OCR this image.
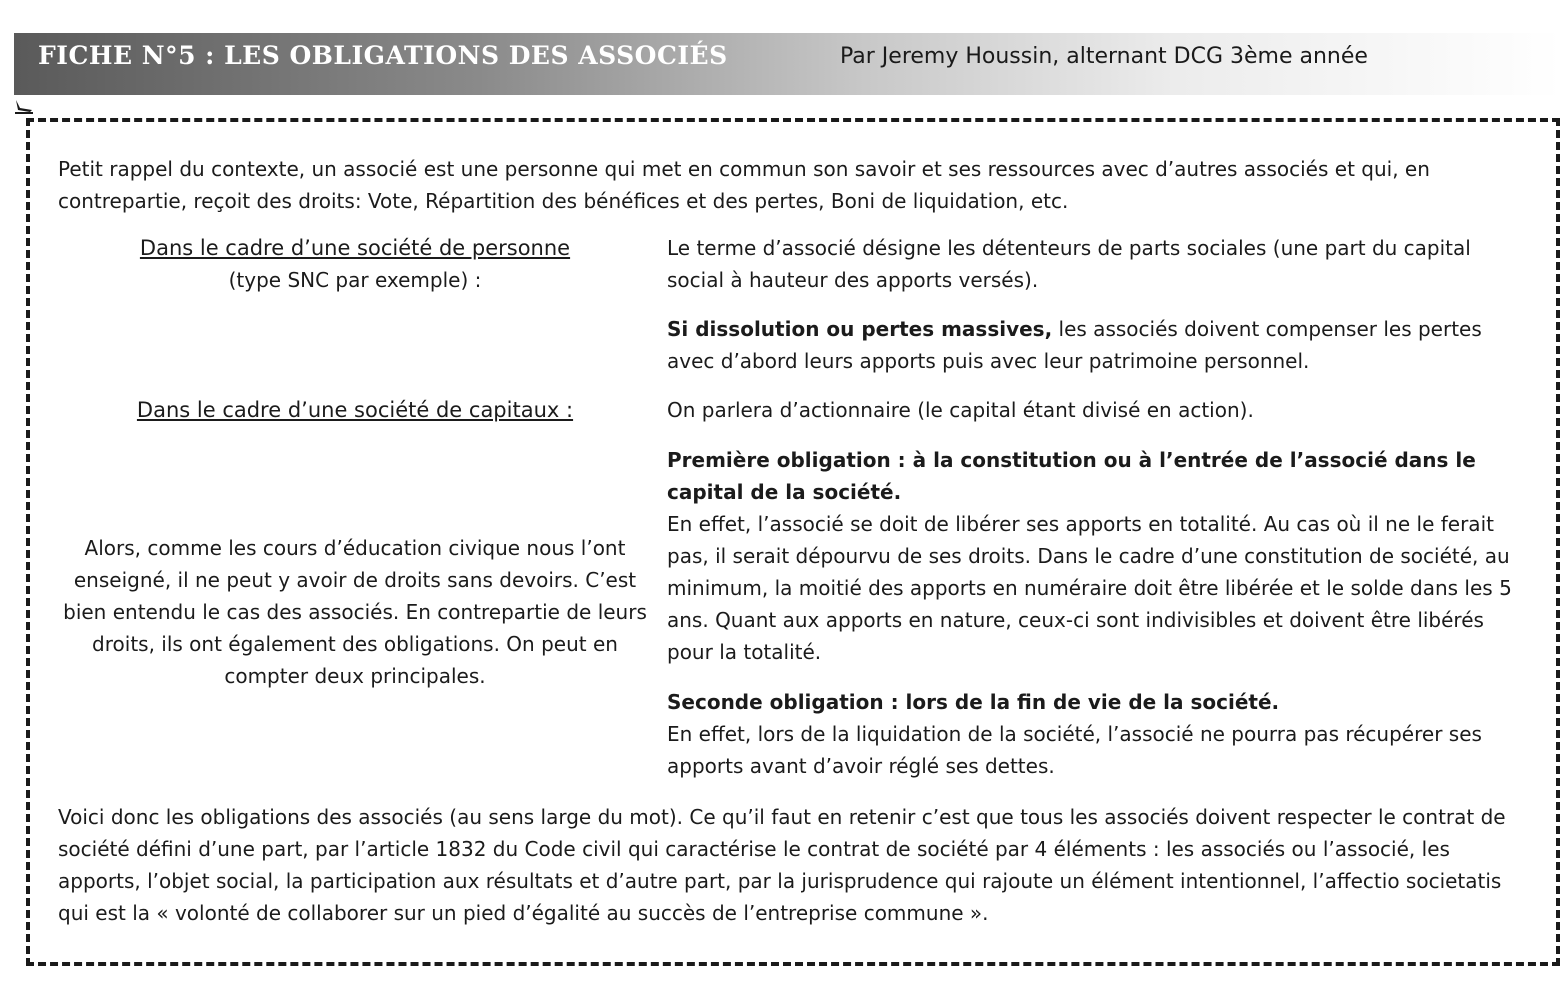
FICHE N°5 : LES OBLIGATIONS DES ASSOCIÉS	Par Jeremy Houssin, alternant DCG 3ème année

Petit rappel du contexte, un associé est une personne qui met en commun son savoir et ses ressources avec d’autres associés et qui, en contrepartie, reçoit des droits: Vote, Répartition des bénéfices et des pertes, Boni de liquidation, etc.

Dans le cadre d’une société de personne
(type SNC par exemple) :
Le terme d’associé désigne les détenteurs de parts sociales (une part du capital social à hauteur des apports versés).
Si dissolution ou pertes massives, les associés doivent compenser les pertes avec d’abord leurs apports puis avec leur patrimoine personnel.
Dans le cadre d’une société de capitaux :	On parlera d’actionnaire (le capital étant divisé en action).
Alors, comme les cours d’éducation civique nous l’ont enseigné, il ne peut y avoir de droits sans devoirs. C’est bien entendu le cas des associés. En contrepartie de leurs droits, ils ont également des obligations. On peut en compter deux principales.
Première obligation : à la constitution ou à l’entrée de l’associé dans le capital de la société.
En effet, l’associé se doit de libérer ses apports en totalité. Au cas où il ne le ferait pas, il serait dépourvu de ses droits. Dans le cadre d’une constitution de société, au minimum, la moitié des apports en numéraire doit être libérée et le solde dans les 5 ans. Quant aux apports en nature, ceux-ci sont indivisibles et doivent être libérés pour la totalité.
Seconde obligation : lors de la fin de vie de la société.
En effet, lors de la liquidation de la société, l’associé ne pourra pas récupérer ses apports avant d’avoir réglé ses dettes.

Voici donc les obligations des associés (au sens large du mot). Ce qu’il faut en retenir c’est que tous les associés doivent respecter le contrat de société défini d’une part, par l’article 1832 du Code civil qui caractérise le contrat de société par 4 éléments : les associés ou l’associé, les apports, l’objet social, la participation aux résultats et d’autre part, par la jurisprudence qui rajoute un élément intentionnel, l’affectio societatis qui est la « volonté de collaborer sur un pied d’égalité au succès de l’entreprise commune ».
